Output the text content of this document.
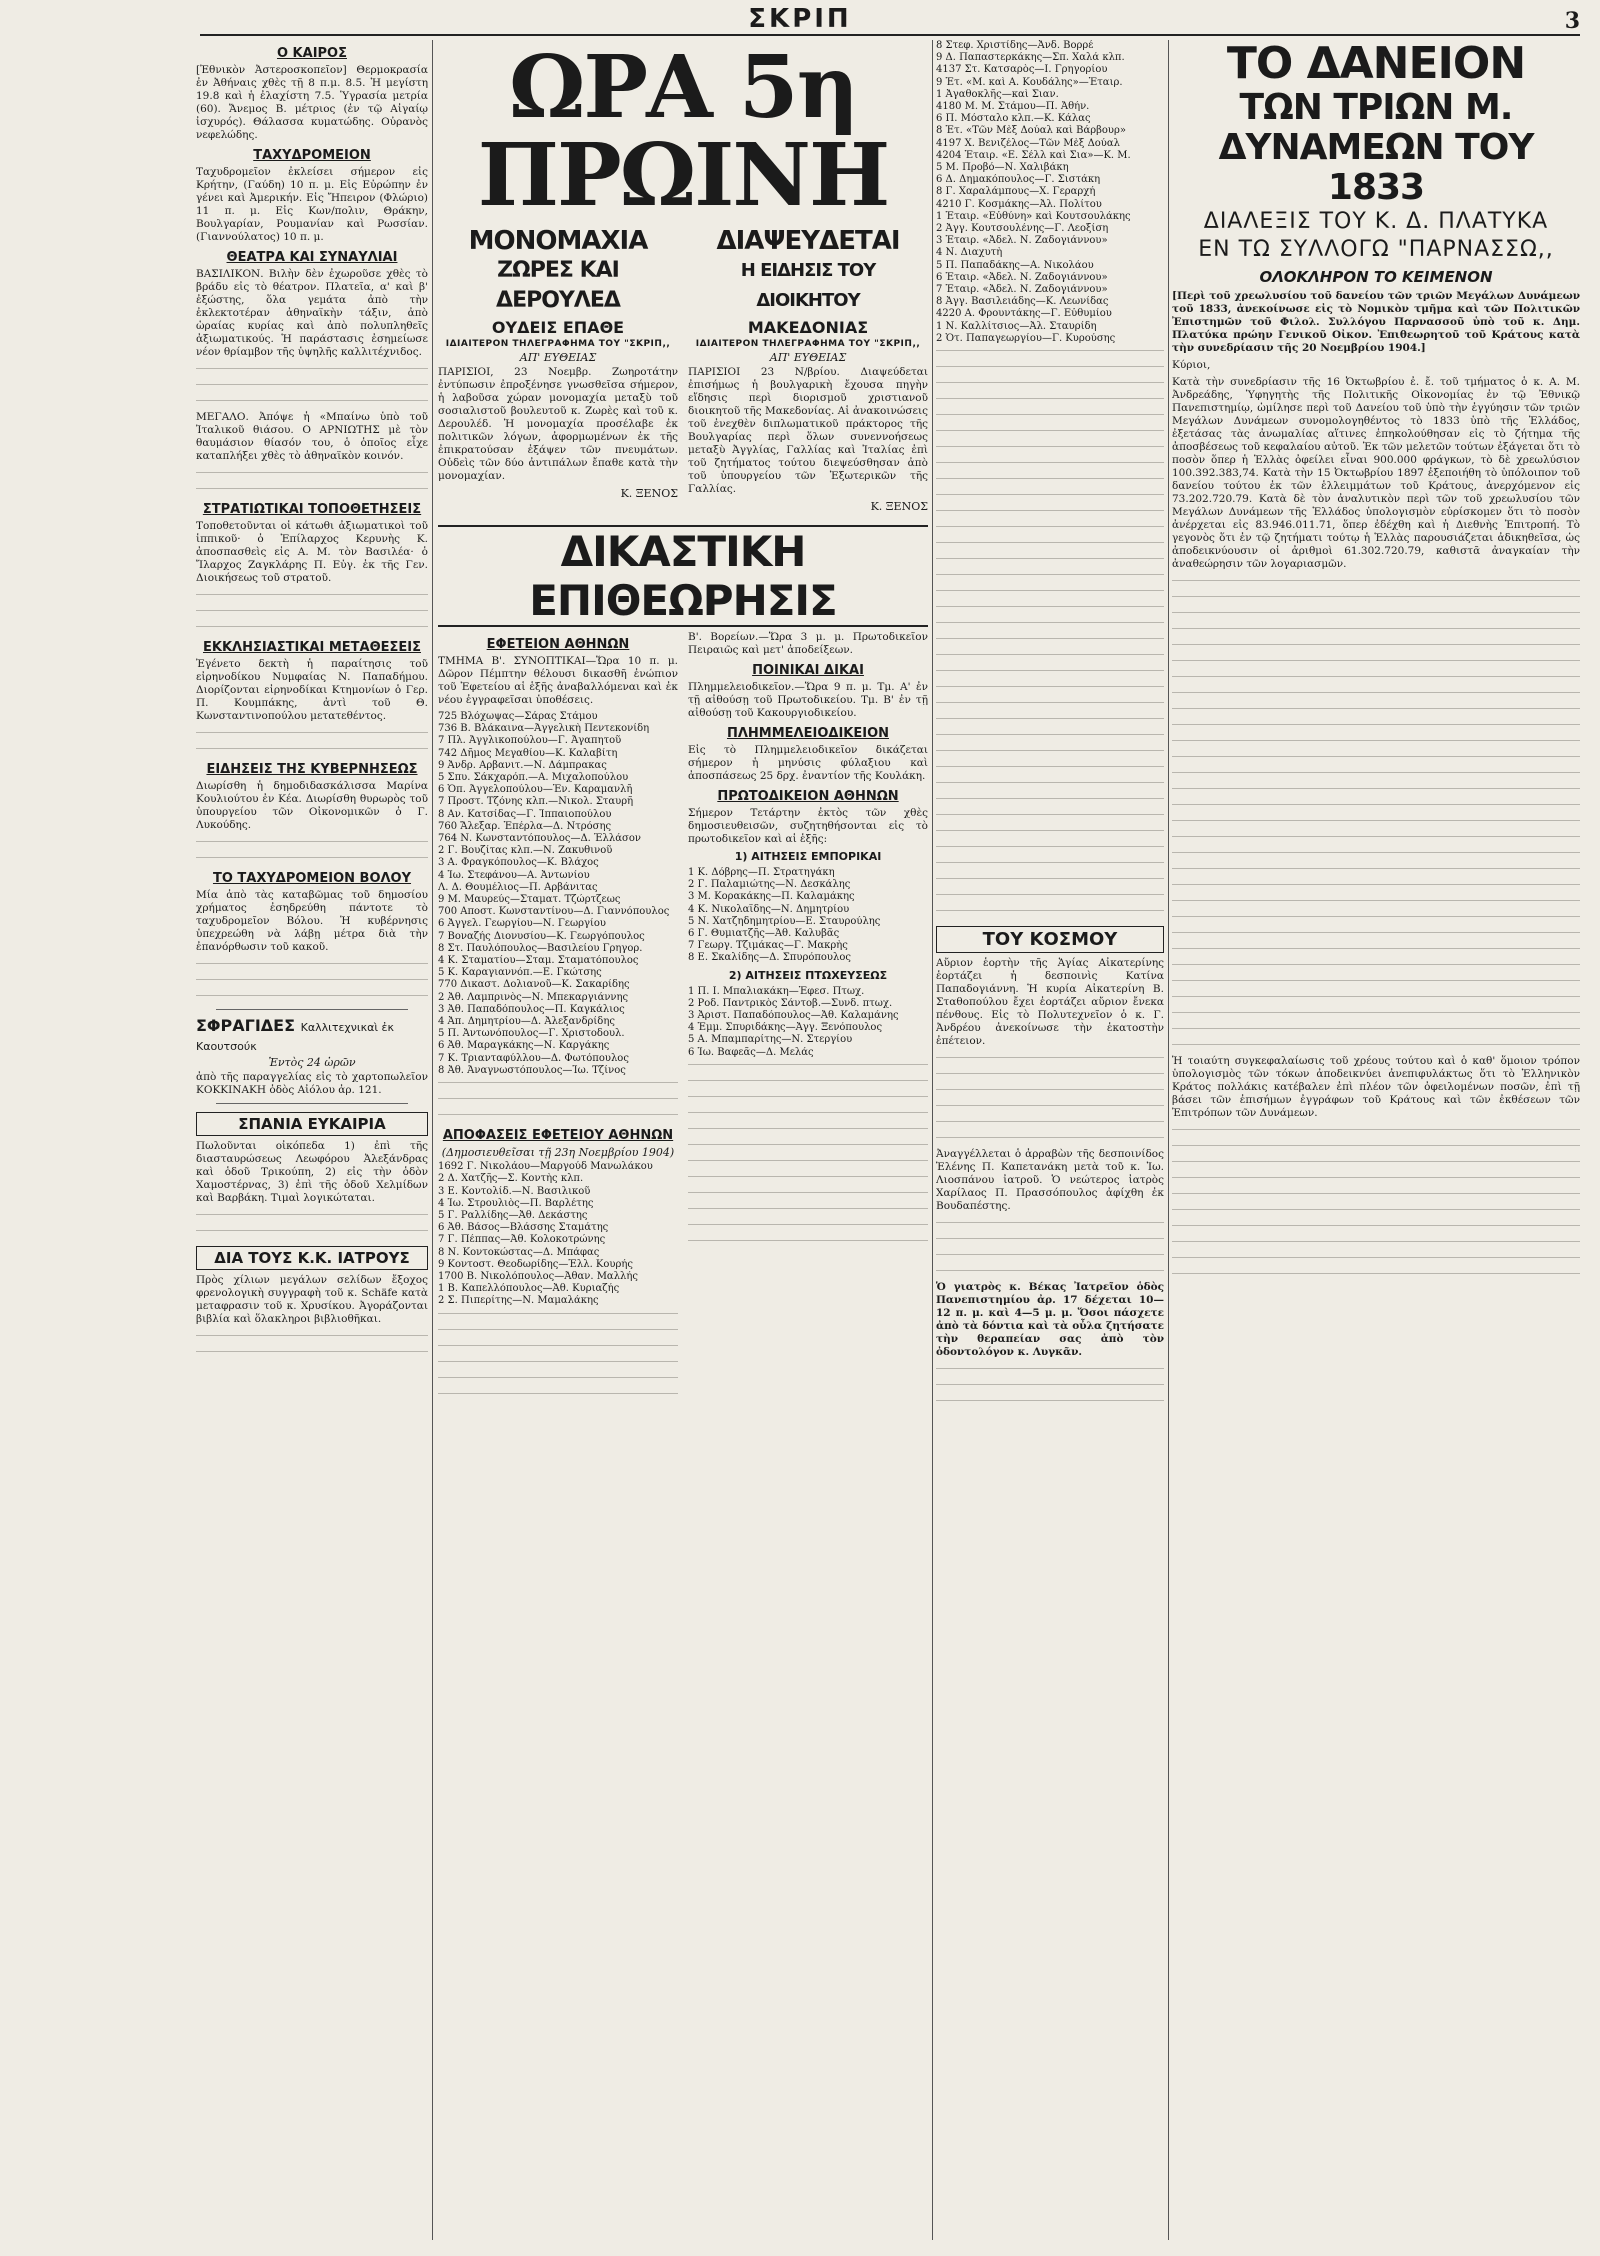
ΣΚΡΙΠ	3
Ο ΚΑΙΡΟΣ

[Ἐθνικὸν Ἀστεροσκοπεῖον] Θερμοκρασία ἐν Ἀθήναις χθὲς τῇ 8 π.μ. 8.5. Ἡ μεγίστη 19.8 καὶ ἡ ἐλαχίστη 7.5. Ὑγρασία μετρία (60). Ἄνεμος Β. μέτριος (ἐν τῷ Αἰγαίῳ ἰσχυρός). Θάλασσα κυματώδης. Οὐρανὸς νεφελώδης.

ΤΑΧΥΔΡΟΜΕΙΟΝ

Ταχυδρομεῖον ἐκλείσει σήμερον εἰς Κρήτην, (Γαύδη) 10 π. μ. Εἰς Εὐρώπην ἐν γένει καὶ Ἀμερικήν. Εἰς Ἤπειρον (Φλώριο) 11 π. μ. Εἰς Κων/πολιν, Θράκην, Βουλγαρίαν, Ρουμανίαν καὶ Ρωσσίαν. (Γιαννούλατος) 10 π. μ.

ΘΕΑΤΡΑ ΚΑΙ ΣΥΝΑΥΛΙΑΙ

ΒΑΣΙΛΙΚΟΝ. Βιλὴν δὲν ἐχωροῦσε χθὲς τὸ βράδυ εἰς τὸ θέατρον. Πλατεῖα, α' καὶ β' ἐξώστης, ὅλα γεμάτα ἀπὸ τὴν ἐκλεκτοτέραν ἀθηναϊκὴν τάξιν, ἀπὸ ὡραίας κυρίας καὶ ἀπὸ πολυπληθεῖς ἀξιωματικούς. Ἡ παράστασις ἐσημείωσε νέον θρίαμβον τῆς ὑψηλῆς καλλιτέχνιδος.

ΜΕΓΑΛΟ. Ἀπόψε ἡ «Μπαίνω ὑπὸ τοῦ Ἰταλικοῦ θιάσου. Ο ΑΡΝΙΩΤΗΣ μὲ τὸν θαυμάσιον θίασόν του, ὁ ὁποῖος εἶχε καταπλήξει χθὲς τὸ ἀθηναϊκὸν κοινόν.

ΣΤΡΑΤΙΩΤΙΚΑΙ ΤΟΠΟΘΕΤΗΣΕΙΣ

Τοποθετοῦνται οἱ κάτωθι ἀξιωματικοὶ τοῦ ἱππικοῦ· ὁ Ἐπίλαρχος Κερυνὴς Κ. ἀποσπασθεὶς εἰς Α. Μ. τὸν Βασιλέα· ὁ Ἴλαρχος Ζαγκλάρης Π. Εὐγ. ἐκ τῆς Γεν. Διοικήσεως τοῦ στρατοῦ.

ΕΚΚΛΗΣΙΑΣΤΙΚΑΙ ΜΕΤΑΘΕΣΕΙΣ

Ἐγένετο δεκτὴ ἡ παραίτησις τοῦ εἰρηνοδίκου Νυμφαίας Ν. Παπαδήμου. Διορίζονται εἰρηνοδίκαι Κτημονίων ὁ Γερ. Π. Κουμπάκης, ἀντὶ τοῦ Θ. Κωνσταντινοπούλου μετατεθέντος.

ΕΙΔΗΣΕΙΣ ΤΗΣ ΚΥΒΕΡΝΗΣΕΩΣ

Διωρίσθη ἡ δημοδιδασκάλισσα Μαρίνα Κουλιούτου ἐν Κέα. Διωρίσθη θυρωρὸς τοῦ ὑπουργείου τῶν Οἰκονομικῶν ὁ Γ. Λυκούδης.

ΤΟ ΤΑΧΥΔΡΟΜΕΙΟΝ ΒΟΛΟΥ

Μία ἀπὸ τὰς καταβῶμας τοῦ δημοσίου χρήματος ἐσηδρεύθη πάντοτε τὸ ταχυδρομεῖον Βόλου. Ἡ κυβέρνησις ὑπεχρεώθη νὰ λάβῃ μέτρα διὰ τὴν ἐπανόρθωσιν τοῦ κακοῦ.

ΣΦΡΑΓΙΔΕΣ Καλλιτεχνικαὶ ἐκ Καουτσούκ
Ἐντὸς 24 ὡρῶν

ἀπὸ τῆς παραγγελίας εἰς τὸ χαρτοπωλεῖον ΚΟΚΚΙΝΑΚΗ ὁδὸς Αἰόλου ἀρ. 121.

ΣΠΑΝΙΑ ΕΥΚΑΙΡΙΑ

Πωλοῦνται οἰκόπεδα 1) ἐπὶ τῆς διασταυρώσεως Λεωφόρου Ἀλεξάνδρας καὶ ὁδοῦ Τρικούπη, 2) εἰς τὴν ὁδὸν Χαμοστέρνας, 3) ἐπὶ τῆς ὁδοῦ Χελμίδων καὶ Βαρβάκη. Τιμαὶ λογικώταται.

ΔΙΑ ΤΟΥΣ Κ.Κ. ΙΑΤΡΟΥΣ

Πρὸς χίλιων μεγάλων σελίδων ἔξοχος φρενολογικὴ συγγραφὴ τοῦ κ. Schäfe κατὰ μεταφρασιν τοῦ κ. Χρυσίκου. Ἀγοράζονται βιβλία καὶ ὅλακληροι βιβλιοθῆκαι.

ΩΡΑ 5η ΠΡΩΙΝΗ
ΜΟΝΟΜΑΧΙΑ
ΖΩΡΕΣ ΚΑΙ ΔΕΡΟΥΛΕΔ
ΟΥΔΕΙΣ ΕΠΑΘΕ
ΙΔΙΑΙΤΕΡΟΝ ΤΗΛΕΓΡΑΦΗΜΑ ΤΟΥ "ΣΚΡΙΠ,,
ΑΠ' ΕΥΘΕΙΑΣ

ΠΑΡΙΣΙΟΙ, 23 Νοεμβρ. Ζωηροτάτην ἐντύπωσιν ἐπροξένησε γνωσθεῖσα σήμερον, ἡ λαβοῦσα χώραν μονομαχία μεταξὺ τοῦ σοσιαλιστοῦ βουλευτοῦ κ. Ζωρὲς καὶ τοῦ κ. Δερουλέδ. Ἡ μονομαχία προσέλαβε ἐκ πολιτικῶν λόγων, ἀφορμωμένων ἐκ τῆς ἐπικρατούσαν ἐξάψεν τῶν πνευμάτων. Οὐδεὶς τῶν δύο ἀντιπάλων ἔπαθε κατὰ τὴν μονομαχίαν.

Κ. ΞΕΝΟΣ
ΔΙΑΨΕΥΔΕΤΑΙ
Η ΕΙΔΗΣΙΣ ΤΟΥ ΔΙΟΙΚΗΤΟΥ
ΜΑΚΕΔΟΝΙΑΣ
ΙΔΙΑΙΤΕΡΟΝ ΤΗΛΕΓΡΑΦΗΜΑ ΤΟΥ "ΣΚΡΙΠ,,
ΑΠ' ΕΥΘΕΙΑΣ

ΠΑΡΙΣΙΟΙ 23 Ν/βρίου. Διαψεύδεται ἐπισήμως ἡ βουλγαρικὴ ἔχουσα πηγὴν εἴδησις περὶ διορισμοῦ χριστιανοῦ διοικητοῦ τῆς Μακεδονίας. Αἱ ἀνακοινώσεις τοῦ ἐνεχθὲν διπλωματικοῦ πράκτορος τῆς Βουλγαρίας περὶ ὅλων συνεννοήσεως μεταξὺ Ἀγγλίας, Γαλλίας καὶ Ἰταλίας ἐπὶ τοῦ ζητήματος τούτου διεψεύσθησαν ἀπὸ τοῦ ὑπουργείου τῶν Ἐξωτερικῶν τῆς Γαλλίας.

Κ. ΞΕΝΟΣ
ΔΙΚΑΣΤΙΚΗ ΕΠΙΘΕΩΡΗΣΙΣ
ΕΦΕΤΕΙΟΝ ΑΘΗΝΩΝ

ΤΜΗΜΑ Β'. ΣΥΝΟΠΤΙΚΑΙ—Ὥρα 10 π. μ. Δῶρον Πέμπτην θέλουσι δικασθῆ ἐνώπιον τοῦ Ἐφετείου αἱ ἑξῆς ἀναβαλλόμεναι καὶ ἐκ νέου ἐγγραφεῖσαι ὑποθέσεις.

725 Βλόχωψας—Σάρας Στάμου
736 Β. Βλάκαινα—Ἀγγελικὴ Πεντεκονίδη
7 Πλ. Ἀγγλικοπούλου—Γ. Ἀγαπητοῦ
742 Δῆμος Μεγαθίου—Κ. Καλαβίτη
9 Ἀνδρ. Αρβανιτ.—Ν. Δάμπρακας
5 Σπυ. Σάκχαρόπ.—Α. Μιχαλοπούλου
6 Ὁπ. Ἀγγελοπούλου—Ἐν. Καραμανλῆ
7 Προστ. Τζόνης κλπ.—Νικολ. Σταυρῆ
8 Αν. Κατσίδας—Γ. Ἱππαιοπούλου
760 Ἄλεξαρ. Ἐπέρλα—Δ. Ντρόσης
764 Ν. Κωνσταντόπουλος—Δ. Ἐλλάσον
2 Γ. Βουζίτας κλπ.—Ν. Ζακυθινοῦ
3 Α. Φραγκόπουλος—Κ. Βλάχος
4 Ἰω. Στεφάνου—Α. Ἀντωνίου
Λ. Δ. Θουμέλιος—Π. Αρβάνιτας
9 Μ. Μαυρεύς—Σταματ. Τζώρτζεως
700 Αποστ. Κωνσταντίνου—Δ. Γιαννόπουλος
6 Ἀγγελ. Γεωργίου—Ν. Γεωργίου
7 Βοναζής Διονυσίου—Κ. Γεωργόπουλος
8 Στ. Παυλόπουλος—Βασιλείου Γρηγορ.
4 Κ. Σταματίου—Σταμ. Σταματόπουλος
5 Κ. Καραγιαννόπ.—Ε. Γκώτσης
770 Δικαστ. Δολιανοῦ—Κ. Σακαρίδης
2 Ἀθ. Λαμπρινὸς—Ν. Μπεκαργιάννης
3 Ἀθ. Παπαδόπουλος—Π. Καγκάλιος
4 Ἀπ. Δημητρίου—Δ. Ἀλεξανδρίδης
5 Π. Ἀντωνόπουλος—Γ. Χριστοδουλ.
6 Ἀθ. Μαραγκάκης—Ν. Καργάκης
7 Κ. Τριανταφύλλου—Δ. Φωτόπουλος
8 Ἀθ. Ἀναγνωστόπουλος—Ἰω. Τζίνος
ΑΠΟΦΑΣΕΙΣ ΕΦΕΤΕΙΟΥ ΑΘΗΝΩΝ
(Δημοσιευθεῖσαι τῇ 23η Νοεμβρίου 1904)
1692 Γ. Νικολάου—Μαργούδ Μανωλάκου
2 Δ. Χατζῆς—Σ. Κοντὴς κλπ.
3 Ε. Κοντολίδ.—Ν. Βασιλικοῦ
4 Ἰω. Στρουλιὸς—Π. Βαρλέτης
5 Γ. Ραλλίδης—Ἀθ. Δεκάστης
6 Ἀθ. Βάσος—Βλάσσης Σταμάτης
7 Γ. Πέππας—Ἀθ. Κολοκοτρώνης
8 Ν. Κοντοκώστας—Δ. Μπάφας
9 Κοντοστ. Θεοδωρίδης—Ἐλλ. Κουρής
1700 Β. Νικολόπουλος—Ἀθαν. Μαλλής
1 Β. Καπελλόπουλος—Ἀθ. Κυριαζής
2 Σ. Πιπερίτης—Ν. Μαμαλάκης

Β'. Βορείων.—Ὥρα 3 μ. μ. Πρωτοδικεῖον Πειραιῶς καὶ μετ' ἀποδείξεων.

ΠΟΙΝΙΚΑΙ ΔΙΚΑΙ

Πλημμελειοδικεῖον.—Ὥρα 9 π. μ. Τμ. Α' ἐν τῇ αἰθούσῃ τοῦ Πρωτοδικείου. Τμ. Β' ἐν τῇ αἰθούσῃ τοῦ Κακουργιοδικείου.

ΠΛΗΜΜΕΛΕΙΟΔΙΚΕΙΟΝ

Εἰς τὸ Πλημμελειοδικεῖον δικάζεται σήμερον ἡ μηνύσις φύλαξιου καὶ ἀποσπάσεως 25 δρχ. ἐναντίον τῆς Κουλάκη.

ΠΡΩΤΟΔΙΚΕΙΟΝ ΑΘΗΝΩΝ

Σήμερον Τετάρτην ἐκτὸς τῶν χθὲς δημοσιευθεισῶν, συζητηθήσονται εἰς τὸ πρωτοδικεῖον καὶ αἱ ἑξῆς:

1) ΑΙΤΗΣΕΙΣ ΕΜΠΟΡΙΚΑΙ
1 Κ. Δόβρης—Π. Στρατηγάκη
2 Γ. Παλαμιώτης—Ν. Δεσκάλης
3 Μ. Κορακάκης—Π. Καλαμάκης
4 Κ. Νικολαΐδης—Ν. Δημητρίου
5 Ν. Χατζηδημητρίου—Ε. Σταυρούλης
6 Γ. Θυμιατζῆς—Ἀθ. Καλυβᾶς
7 Γεωργ. Τζιμάκας—Γ. Μακρὴς
8 Ε. Σκαλίδης—Δ. Σπυρόπουλος
2) ΑΙΤΗΣΕΙΣ ΠΤΩΧΕΥΣΕΩΣ
1 Π. Ι. Μπαλιακάκη—Ἐφεσ. Πτωχ.
2 Ροδ. Παντρικὸς Σάντοβ.—Συνδ. πτωχ.
3 Ἀριστ. Παπαδόπουλος—Ἀθ. Καλαμάνης
4 Ἐμμ. Σπυριδάκης—Ἀγγ. Ξενόπουλος
5 Α. Μπαμπαρίτης—Ν. Στεργίου
6 Ἰω. Βαφεᾶς—Δ. Μελάς
8 Στεφ. Χριστίδης—Ἀνδ. Βορρέ
9 Δ. Παπαστερκάκης—Σπ. Χαλά κλπ.
4137 Στ. Κατσαρὸς—Ι. Γρηγορίου
9 Ἐτ. «Μ. καὶ Α. Κουδάλης»—Ἐταιρ.
1 Ἀγαθοκλῆς—καὶ Σιαν.
4180 Μ. Μ. Στάμου—Π. Ἀθήν.
6 Π. Μόσταλο κλπ.—Κ. Κάλας
8 Ἐτ. «Τῶν Μὲξ Δούαλ καὶ Βάρβουρ»
4197 Χ. Βενιζέλος—Τῶν Μὲξ Δούαλ
4204 Ἐταιρ. «Ε. Σέλλ καὶ Σια»—Κ. Μ.
5 Μ. Προβό—Ν. Χαλιβάκη
6 Δ. Δημακόπουλος—Γ. Σιστάκη
8 Γ. Χαραλάμπους—Χ. Γεραρχή
4210 Γ. Κοσμάκης—Ἀλ. Πολίτου
1 Ἐταιρ. «Εὐθύνη» καὶ Κουτσουλάκης
2 Ἀγγ. Κουτσουλένης—Γ. Λεοξίση
3 Ἐταιρ. «Ἀδελ. Ν. Ζαδογιάννου»
4 Ν. Διαχυτὴ
5 Π. Παπαδάκης—Α. Νικολάου
6 Ἐταιρ. «Ἀδελ. Ν. Ζαδογιάννου»
7 Ἐταιρ. «Ἀδελ. Ν. Ζαδογιάννου»
8 Ἀγγ. Βασιλειάδης—Κ. Λεωνίδας
4220 Α. Φρουντάκης—Γ. Εὐθυμίου
1 Ν. Καλλίτσιος—Ἀλ. Σταυρίδη
2 Ὁτ. Παπαγεωργίου—Γ. Κυρούσης
ΤΟΥ ΚΟΣΜΟΥ

Αὔριον ἑορτὴν τῆς Ἁγίας Αἰκατερίνης ἑορτάζει ἡ δεσποινὶς Κατίνα Παπαδογιάννη. Ἡ κυρία Αἰκατερίνη Β. Σταθοπούλου ἔχει ἑορτάζει αὔριον ἔνεκα πένθους. Εἰς τὸ Πολυτεχνεῖον ὁ κ. Γ. Ἀνδρέου ἀνεκοίνωσε τὴν ἑκατοστὴν ἐπέτειον.

Ἀναγγέλλεται ὁ ἀρραβὼν τῆς δεσποινίδος Ἑλένης Π. Καπετανάκη μετὰ τοῦ κ. Ἰω. Λιοσπάνου ἰατροῦ. Ὁ νεώτερος ἰατρὸς Χαρίλαος Π. Πρασσόπουλος ἀφίχθη ἐκ Βουδαπέστης.

Ὁ γιατρὸς κ. Βέκας Ἰατρεῖον ὁδὸς Πανεπιστημίου ἀρ. 17 δέχεται 10—12 π. μ. καὶ 4—5 μ. μ. Ὅσοι πάσχετε ἀπὸ τὰ δόντια καὶ τὰ οὖλα ζητήσατε τὴν θεραπείαν σας ἀπὸ τὸν ὀδοντολόγον κ. Λυγκᾶν.

ΤΟ ΔΑΝΕΙΟΝ
ΤΩΝ ΤΡΙΩΝ Μ. ΔΥΝΑΜΕΩΝ ΤΟΥ 1833
ΔΙΑΛΕΞΙΣ ΤΟΥ Κ. Δ. ΠΛΑΤΥΚΑ
ΕΝ ΤΩ ΣΥΛΛΟΓΩ "ΠΑΡΝΑΣΣΩ,,
ΟΛΟΚΛΗΡΟΝ ΤΟ ΚΕΙΜΕΝΟΝ

[Περὶ τοῦ χρεωλυσίου τοῦ δανείου τῶν τριῶν Μεγάλων Δυνάμεων τοῦ 1833, ἀνεκοίνωσε εἰς τὸ Νομικὸν τμῆμα καὶ τῶν Πολιτικῶν Ἐπιστημῶν τοῦ Φιλολ. Συλλόγου Παρνασσοῦ ὑπὸ τοῦ κ. Δημ. Πλατύκα πρώην Γενικοῦ Οἰκον. Ἐπιθεωρητοῦ τοῦ Κράτους κατὰ τὴν συνεδρίασιν τῆς 20 Νοεμβρίου 1904.]

Κύριοι,

Κατὰ τὴν συνεδρίασιν τῆς 16 Ὀκτωβρίου ἐ. ἔ. τοῦ τμήματος ὁ κ. Α. Μ. Ἀνδρεάδης, Ὑφηγητὴς τῆς Πολιτικῆς Οἰκονομίας ἐν τῷ Ἐθνικῷ Πανεπιστημίῳ, ὡμίλησε περὶ τοῦ Δανείου τοῦ ὑπὸ τὴν ἐγγύησιν τῶν τριῶν Μεγάλων Δυνάμεων συνομολογηθέντος τὸ 1833 ὑπὸ τῆς Ἑλλάδος, ἐξετάσας τὰς ἀνωμαλίας αἵτινες ἐπηκολούθησαν εἰς τὸ ζήτημα τῆς ἀποσβέσεως τοῦ κεφαλαίου αὐτοῦ. Ἐκ τῶν μελετῶν τούτων ἐξάγεται ὅτι τὸ ποσὸν ὅπερ ἡ Ἑλλὰς ὀφείλει εἶναι 900.000 φράγκων, τὸ δὲ χρεωλύσιον 100.392.383,74. Κατὰ τὴν 15 Ὀκτωβρίου 1897 ἐξεποιήθη τὸ ὑπόλοιπον τοῦ δανείου τούτου ἐκ τῶν ἑλλειμμάτων τοῦ Κράτους, ἀνερχόμενον εἰς 73.202.720.79. Κατὰ δὲ τὸν ἀναλυτικὸν περὶ τῶν τοῦ χρεωλυσίου τῶν Μεγάλων Δυνάμεων τῆς Ἑλλάδος ὑπολογισμὸν εὑρίσκομεν ὅτι τὸ ποσὸν ἀνέρχεται εἰς 83.946.011.71, ὅπερ ἐδέχθη καὶ ἡ Διεθνὴς Ἐπιτροπή. Τὸ γεγονὸς ὅτι ἐν τῷ ζητήματι τούτῳ ἡ Ἑλλὰς παρουσιάζεται ἀδικηθεῖσα, ὡς ἀποδεικνύουσιν οἱ ἀριθμοὶ 61.302.720.79, καθιστᾶ ἀναγκαίαν τὴν ἀναθεώρησιν τῶν λογαριασμῶν.

Ἡ τοιαύτη συγκεφαλαίωσις τοῦ χρέους τούτου καὶ ὁ καθ' ὅμοιον τρόπον ὑπολογισμὸς τῶν τόκων ἀποδεικνύει ἀνεπιφυλάκτως ὅτι τὸ Ἑλληνικὸν Κράτος πολλάκις κατέβαλεν ἐπὶ πλέον τῶν ὀφειλομένων ποσῶν, ἐπὶ τῇ βάσει τῶν ἐπισήμων ἐγγράφων τοῦ Κράτους καὶ τῶν ἐκθέσεων τῶν Ἐπιτρόπων τῶν Δυνάμεων.
